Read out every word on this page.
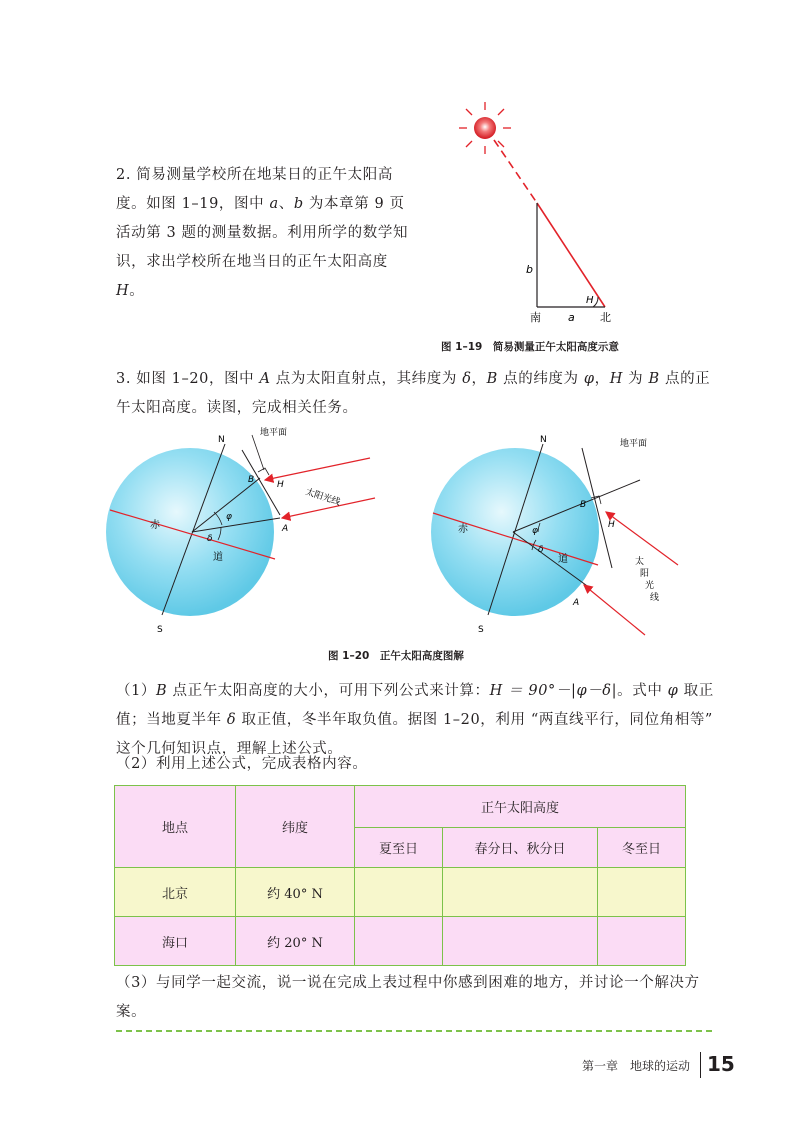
2. 简易测量学校所在地某日的正午太阳高度。如图 1–19，图中 a、b 为本章第 9 页活动第 3 题的测量数据。利用所学的数学知识，求出学校所在地当日的正午太阳高度 H。
b
H
南 a 北
图 1–19　简易测量正午太阳高度示意
3. 如图 1–20，图中 A 点为太阳直射点，其纬度为 δ，B 点的纬度为 φ，H 为 B 点的正午太阳高度。读图，完成相关任务。
N
S
B
A
H
φ
δ
地平面
太阳光线
赤
道
N
S
B
A
H
φ
δ
地平面
太
阳
光
线
赤
道
图 1–20　正午太阳高度图解
（1）B 点正午太阳高度的大小，可用下列公式来计算：H ＝ 90°－|φ－δ|。式中 φ 取正值；当地夏半年 δ 取正值，冬半年取负值。据图 1–20，利用 “两直线平行，同位角相等” 这个几何知识点，理解上述公式。
（2）利用上述公式，完成表格内容。
地点	纬度	正午太阳高度		
		夏至日	春分日、秋分日	冬至日
北京	约 40° N			
海口	约 20° N			
（3）与同学一起交流，说一说在完成上表过程中你感到困难的地方，并讨论一个解决方案。
第一章　地球的运动 15
